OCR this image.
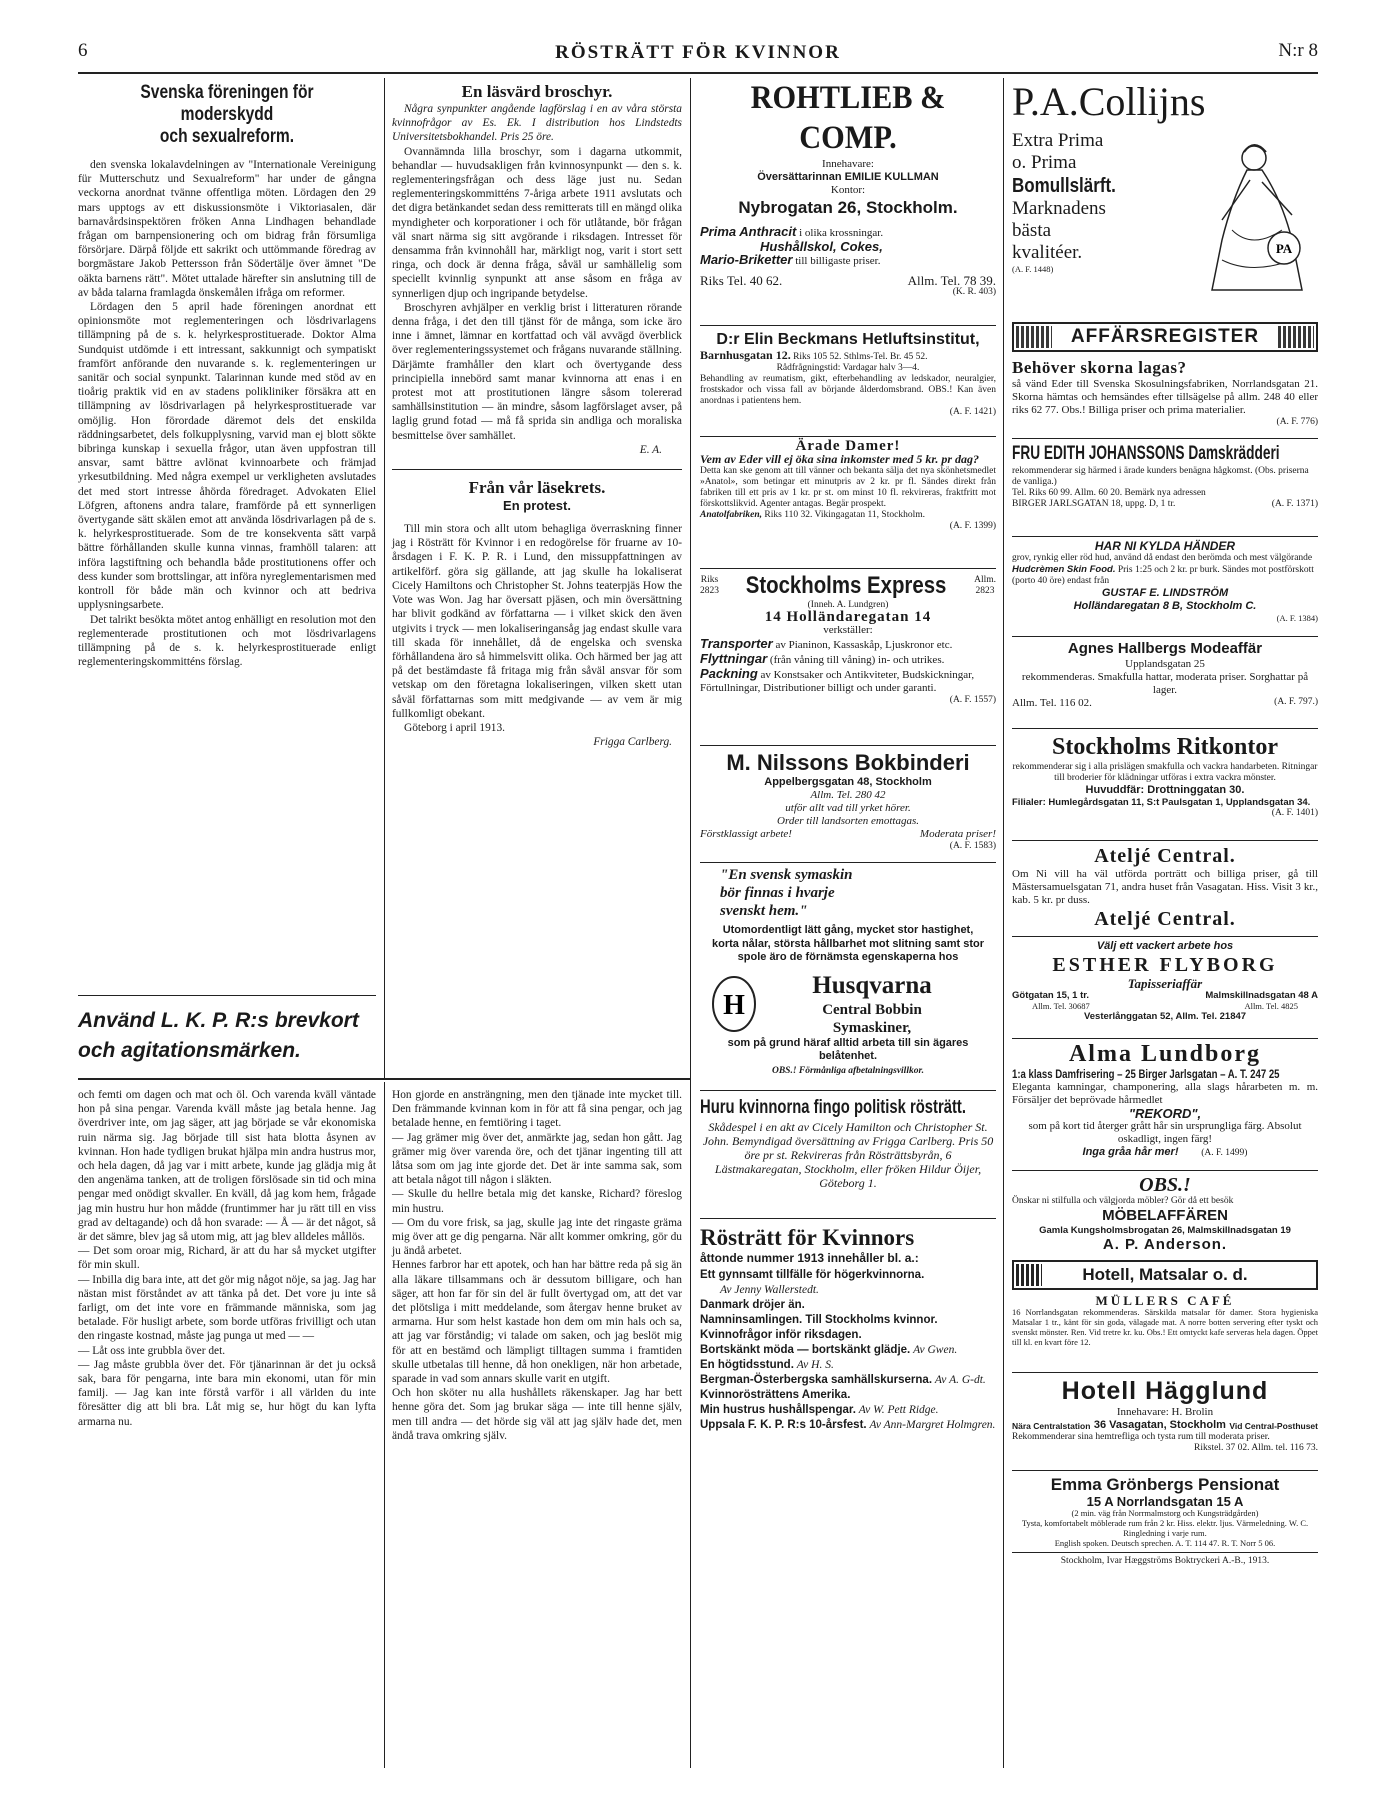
6	RÖSTRÄTT FÖR KVINNOR	N:r 8
Svenska föreningen för moderskydd
och sexualreform.

den svenska lokalavdelningen av "Internationale Vereinigung für Mutterschutz und Sexualreform" har under de gångna veckorna anordnat tvänne offentliga möten. Lördagen den 29 mars upptogs av ett diskussionsmöte i Viktoriasalen, där barnavårdsinspektören fröken Anna Lindhagen behandlade frågan om barnpensionering och om bidrag från försumliga försörjare. Därpå följde ett sakrikt och uttömmande föredrag av borgmästare Jakob Pettersson från Södertälje över ämnet "De oäkta barnens rätt". Mötet uttalade härefter sin anslutning till de av båda talarna framlagda önskemålen ifråga om reformer.

Lördagen den 5 april hade föreningen anordnat ett opinionsmöte mot reglementeringen och lösdrivarlagens tillämpning på de s. k. helyrkesprostituerade. Doktor Alma Sundquist utdömde i ett intressant, sakkunnigt och sympatiskt framfört anförande den nuvarande s. k. reglementeringen ur sanitär och social synpunkt. Talarinnan kunde med stöd av en tioårig praktik vid en av stadens polikliniker försäkra att en tillämpning av lösdrivarlagen på helyrkesprostituerade var omöjlig. Hon förordade däremot dels det enskilda räddningsarbetet, dels folkupplysning, varvid man ej blott sökte bibringa kunskap i sexuella frågor, utan även uppfostran till ansvar, samt bättre avlönat kvinnoarbete och främjad yrkesutbildning. Med några exempel ur verkligheten avslutades det med stort intresse åhörda föredraget. Advokaten Eliel Löfgren, aftonens andra talare, framförde på ett synnerligen övertygande sätt skälen emot att använda lösdrivarlagen på de s. k. helyrkesprostituerade. Som de tre konsekventa sätt varpå bättre förhållanden skulle kunna vinnas, framhöll talaren: att införa lagstiftning och behandla både prostitutionens offer och dess kunder som brottslingar, att införa nyreglementarismen med kontroll för både män och kvinnor och att bedriva upplysningsarbete.

Det talrikt besökta mötet antog enhälligt en resolution mot den reglementerade prostitutionen och mot lösdrivarlagens tillämpning på de s. k. helyrkesprostituerade enligt reglementeringskommitténs förslag.

Använd L. K. P. R:s brevkort
och agitationsmärken.
En läsvärd broschyr.

Några synpunkter angående lagförslag i en av våra största kvinnofrågor av Es. Ek. I distribution hos Lindstedts Universitetsbokhandel. Pris 25 öre.

Ovannämnda lilla broschyr, som i dagarna utkommit, behandlar — huvudsakligen från kvinnosynpunkt — den s. k. reglementeringsfrågan och dess läge just nu. Sedan reglementeringskommitténs 7-åriga arbete 1911 avslutats och det digra betänkandet sedan dess remitterats till en mängd olika myndigheter och korporationer i och för utlåtande, bör frågan väl snart närma sig sitt avgörande i riksdagen. Intresset för densamma från kvinnohåll har, märkligt nog, varit i stort sett ringa, och dock är denna fråga, såväl ur samhällelig som speciellt kvinnlig synpunkt att anse såsom en fråga av synnerligen djup och ingripande betydelse.

Broschyren avhjälper en verklig brist i litteraturen rörande denna fråga, i det den till tjänst för de många, som icke äro inne i ämnet, lämnar en kortfattad och väl avvägd överblick över reglementeringssystemet och frågans nuvarande ställning. Därjämte framhåller den klart och övertygande dess principiella innebörd samt manar kvinnorna att enas i en protest mot att prostitutionen längre såsom tolererad samhällsinstitution — än mindre, såsom lagförslaget avser, på laglig grund fotad — må få sprida sin andliga och moraliska besmittelse över samhället.

E. A.
Från vår läsekrets.
En protest.

Till min stora och allt utom behagliga överraskning finner jag i Rösträtt för Kvinnor i en redogörelse för fruarne av 10-årsdagen i F. K. P. R. i Lund, den missuppfattningen av artikelförf. göra sig gällande, att jag skulle ha lokaliserat Cicely Hamiltons och Christopher St. Johns teaterpjäs How the Vote was Won. Jag har översatt pjäsen, och min översättning har blivit godkänd av författarna — i vilket skick den även utgivits i tryck — men lokaliseringansåg jag endast skulle vara till skada för innehållet, då de engelska och svenska förhållandena äro så himmelsvitt olika. Och härmed ber jag att på det bestämdaste få fritaga mig från såväl ansvar för som vetskap om den företagna lokaliseringen, vilken skett utan såväl författarnas som mitt medgivande — av vem är mig fullkomligt obekant.

Göteborg i april 1913.

Frigga Carlberg.
och femti om dagen och mat och öl. Och varenda kväll väntade hon på sina pengar. Varenda kväll måste jag betala henne. Jag överdriver inte, om jag säger, att jag började se vår ekonomiska ruin närma sig. Jag började till sist hata blotta åsynen av kvinnan. Hon hade tydligen brukat hjälpa min andra hustrus mor, och hela dagen, då jag var i mitt arbete, kunde jag glädja mig åt den angenäma tanken, att de troligen förslösade sin tid och mina pengar med onödigt skvaller. En kväll, då jag kom hem, frågade jag min hustru hur hon mådde (fruntimmer har ju rätt till en viss grad av deltagande) och då hon svarade: — Å — är det något, så är det sämre, blev jag så utom mig, att jag blev alldeles mållös.
— Det som oroar mig, Richard, är att du har så mycket utgifter för min skull.
— Inbilla dig bara inte, att det gör mig något nöje, sa jag. Jag har nästan mist förståndet av att tänka på det. Det vore ju inte så farligt, om det inte vore en främmande människa, som jag betalade. För husligt arbete, som borde utföras frivilligt och utan den ringaste kostnad, måste jag punga ut med — —
— Låt oss inte grubbla över det.
— Jag måste grubbla över det. För tjänarinnan är det ju också sak, bara för pengarna, inte bara min ekonomi, utan för min familj. — Jag kan inte förstå varför i all världen du inte föresätter dig att bli bra. Låt mig se, hur högt du kan lyfta armarna nu.
Hon gjorde en ansträngning, men den tjänade inte mycket till. Den främmande kvinnan kom in för att få sina pengar, och jag betalade henne, en femtiöring i taget.
— Jag grämer mig över det, anmärkte jag, sedan hon gått. Jag grämer mig över varenda öre, och det tjänar ingenting till att låtsa som om jag inte gjorde det. Det är inte samma sak, som att betala något till någon i släkten.
— Skulle du hellre betala mig det kanske, Richard? föreslog min hustru.
— Om du vore frisk, sa jag, skulle jag inte det ringaste gräma mig över att ge dig pengarna. När allt kommer omkring, gör du ju ändå arbetet.
Hennes farbror har ett apotek, och han har bättre reda på sig än alla läkare tillsammans och är dessutom billigare, och han säger, att hon far för sin del är fullt övertygad om, att det var det plötsliga i mitt meddelande, som återgav henne bruket av armarna. Hur som helst kastade hon dem om min hals och sa, att jag var förståndig; vi talade om saken, och jag beslöt mig för att en bestämd och lämpligt tilltagen summa i framtiden skulle utbetalas till henne, då hon onekligen, när hon arbetade, sparade in vad som annars skulle varit en utgift.
Och hon sköter nu alla hushållets räkenskaper. Jag har bett henne göra det. Som jag brukar säga — inte till henne själv, men till andra — det hörde sig väl att jag själv hade det, men ändå trava omkring själv.
ROHTLIEB & COMP.
Innehavare:
Översättarinnan EMILIE KULLMAN
Kontor:
Nybrogatan 26, Stockholm.
Prima Anthracit i olika krossningar.
Hushållskol, Cokes,
Mario-Briketter till billigaste priser.
Riks Tel. 40 62.	Allm. Tel. 78 39.
(K. R. 403)
D:r Elin Beckmans Hetluftsinstitut,
Barnhusgatan 12. Riks 105 52. Sthlms-Tel. Br. 45 52.
Rådfrågningstid: Vardagar halv 3—4.
Behandling av reumatism, gikt, efterbehandling av ledskador, neuralgier, frostskador och vissa fall av börjande ålderdomsbrand. OBS.! Kan även anordnas i patientens hem.
(A. F. 1421)
Ärade Damer!
Vem av Eder vill ej öka sina inkomster med 5 kr. pr dag?
Detta kan ske genom att till vänner och bekanta sälja det nya skönhetsmedlet »Anatol», som betingar ett minutpris av 2 kr. pr fl. Sändes direkt från fabriken till ett pris av 1 kr. pr st. om minst 10 fl. rekvireras, fraktfritt mot förskottslikvid. Agenter antagas. Begär prospekt.
Anatolfabriken, Riks 110 32. Vikingagatan 11, Stockholm.
(A. F. 1399)
Riks
2823 Stockholms Express	Allm.
2823
(Inneh. A. Lundgren)
14 Holländaregatan 14
verkställer:
Transporter av Pianinon, Kassaskåp, Ljuskronor etc.
Flyttningar (från våning till våning) in- och utrikes.
Packning av Konstsaker och Antikviteter, Budskickningar, Förtullningar, Distributioner billigt och under garanti.
(A. F. 1557)
M. Nilssons Bokbinderi
Appelbergsgatan 48, Stockholm
Allm. Tel. 280 42
utför allt vad till yrket hörer.
Order till landsorten emottagas.
Förstklassigt arbete!	Moderata priser!
(A. F. 1583)
"En svensk symaskin
bör finnas i hvarje
svenskt hem."
Utomordentligt lätt gång, mycket stor hastighet, korta nålar, största hållbarhet mot slitning samt stor spole äro de förnämsta egenskaperna hos
H
Husqvarna
Central Bobbin
Symaskiner,
som på grund häraf alltid arbeta till sin ägares belåtenhet.
OBS.! Förmånliga afbetalningsvillkor.
Huru kvinnorna fingo politisk rösträtt.
Skådespel i en akt av Cicely Hamilton och Christopher St. John. Bemyndigad översättning av Frigga Carlberg. Pris 50 öre pr st. Rekvireras från Rösträttsbyrån, 6 Lästmakaregatan, Stockholm, eller fröken Hildur Öijer, Göteborg 1.
Rösträtt för Kvinnors
åttonde nummer 1913 innehåller bl. a.:
Ett gynnsamt tillfälle för högerkvinnorna.
Av Jenny Wallerstedt.
Danmark dröjer än.
Namninsamlingen. Till Stockholms kvinnor.
Kvinnofrågor inför riksdagen.
Bortskänkt möda — bortskänkt glädje. Av Gwen.
En högtidsstund. Av H. S.
Bergman-Österbergska samhällskurserna. Av A. G-dt.
Kvinnorösträttens Amerika.
Min hustrus hushållspengar. Av W. Pett Ridge.
Uppsala F. K. P. R:s 10-årsfest. Av Ann-Margret Holmgren.
P.A.Collijns
Extra Prima
o. Prima
Bomullslärft.
Marknadens
bästa
kvalitéer.
(A. F. 1448)
PA
AFFÄRSREGISTER
Behöver skorna lagas?
så vänd Eder till Svenska Skosulningsfabriken, Norrlandsgatan 21. Skorna hämtas och hemsändes efter tillsägelse på allm. 248 40 eller riks 62 77. Obs.! Billiga priser och prima materialier.
(A. F. 776)
FRU EDITH JOHANSSONS Damskrädderi
rekommenderar sig härmed i ärade kunders benägna hågkomst. (Obs. priserna de vanliga.)
Tel. Riks 60 99. Allm. 60 20. Bemärk nya adressen
BIRGER JARLSGATAN 18, uppg. D, 1 tr.	(A. F. 1371)
HAR NI KYLDA HÄNDER
grov, rynkig eller röd hud, använd då endast den berömda och mest välgörande Hudcrèmen Skin Food. Pris 1:25 och 2 kr. pr burk. Sändes mot postförskott (porto 40 öre) endast från
GUSTAF E. LINDSTRÖM
Holländaregatan 8 B, Stockholm C.
(A. F. 1384)
Agnes Hallbergs Modeaffär
Upplandsgatan 25
rekommenderas. Smakfulla hattar, moderata priser. Sorghattar på lager.
Allm. Tel. 116 02.	(A. F. 797.)
Stockholms Ritkontor
rekommenderar sig i alla prislägen smakfulla och vackra handarbeten. Ritningar till broderier för klädningar utföras i extra vackra mönster.
Huvuddfär: Drottninggatan 30.
Filialer: Humlegårdsgatan 11, S:t Paulsgatan 1, Upplandsgatan 34.
(A. F. 1401)
Ateljé Central.
Om Ni vill ha väl utförda porträtt och billiga priser, gå till Mästersamuelsgatan 71, andra huset från Vasagatan. Hiss. Visit 3 kr., kab. 5 kr. pr duss.
Ateljé Central.
Välj ett vackert arbete hos
ESTHER FLYBORG
Tapisseriaffär
Götgatan 15, 1 tr.	Malmskillnadsgatan 48 A
Allm. Tel. 30687	Allm. Tel. 4825
Vesterlånggatan 52, Allm. Tel. 21847
Alma Lundborg
1:a klass Damfrisering – 25 Birger Jarlsgatan – A. T. 247 25
Eleganta kamningar, champonering, alla slags hårarbeten m. m. Försäljer det beprövade hårmedlet
"REKORD",
som på kort tid återger grått hår sin ursprungliga färg. Absolut oskadligt, ingen färg!
Inga gråa hår mer! (A. F. 1499)
OBS.!
Önskar ni stilfulla och välgjorda möbler? Gör då ett besök
MÖBELAFFÄREN
Gamla Kungsholmsbrogatan 26, Malmskillnadsgatan 19
A. P. Anderson.
Hotell, Matsalar o. d.
MÜLLERS CAFÉ
16 Norrlandsgatan rekommenderas. Särskilda matsalar för damer. Stora hygieniska Matsalar 1 tr., känt för sin goda, välagade mat. A norre botten servering efter tyskt och svenskt mönster. Ren. Vid tretre kr. ku. Obs.! Ett omtyckt kafe serveras hela dagen. Öppet till kl. en kvart före 12.
Hotell Hägglund
Innehavare: H. Brolin
Nära Centralstation 36 Vasagatan, Stockholm Vid Central-Posthuset
Rekommenderar sina hemtrefliga och tysta rum till moderata priser.
Rikstel. 37 02. Allm. tel. 116 73.
Emma Grönbergs Pensionat
15 A Norrlandsgatan 15 A
(2 min. väg från Norrmalmstorg och Kungsträdgården)
Tysta, komfortabelt möblerade rum från 2 kr. Hiss. elektr. ljus. Värmeledning. W. C. Ringledning i varje rum.
English spoken. Deutsch sprechen. A. T. 114 47. R. T. Norr 5 06.
Stockholm, Ivar Hæggströms Boktryckeri A.-B., 1913.
